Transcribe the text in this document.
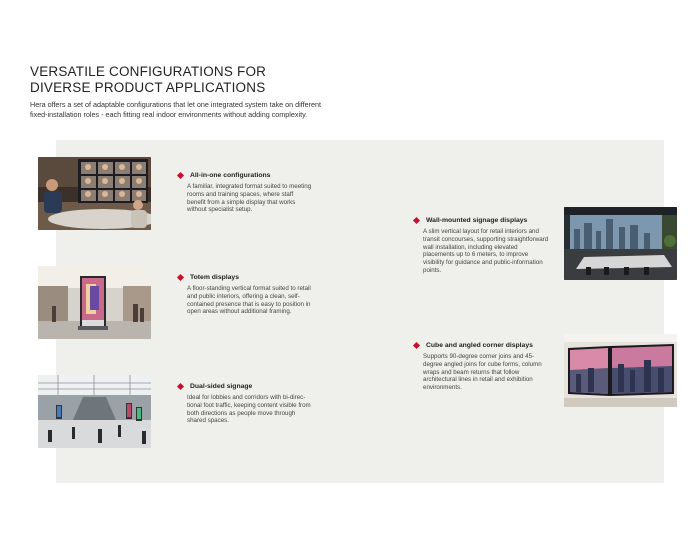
VERSATILE CONFIGURATIONS FOR
DIVERSE PRODUCT APPLICATIONS

Hera offers a set of adaptable configurations that let one integrated system take on different fixed-installation roles - each fitting real indoor environments without adding complexity.

All-in-one configurations
A familiar, integrated format suited to meeting rooms and training spaces, where staff benefit from a simple display that works without specialist setup.
Totem displays
A floor-standing vertical format suited to retail and public interiors, offering a clean, self-contained presence that is easy to position in open areas without additional framing.
Dual-sided signage
Ideal for lobbies and corridors with bi-direc-tional foot traffic, keeping content visible from both directions as people move through shared spaces.
Wall-mounted signage displays
A slim vertical layout for retail interiors and transit concourses, supporting straightforward wall installation, including elevated placements up to 6 meters, to improve visibility for guidance and public-information points.
Cube and angled corner displays
Supports 90-degree corner joins and 45-degree angled joins for cube forms, column wraps and beam returns that follow architectural lines in retail and exhibition environments.
